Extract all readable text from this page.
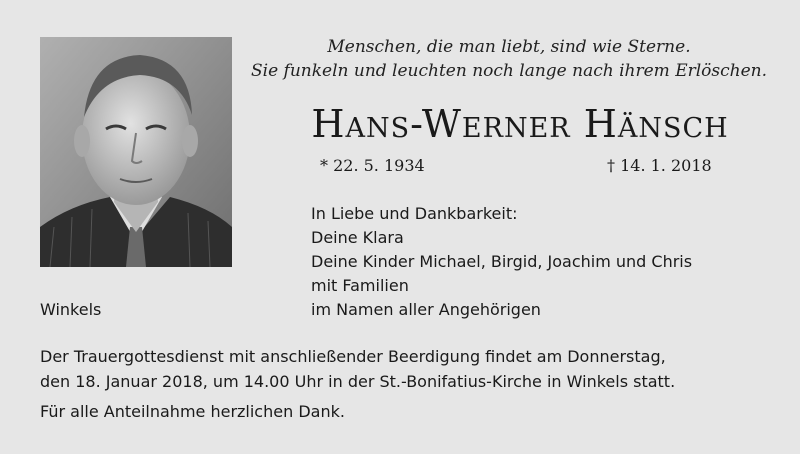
Menschen, die man liebt, sind wie Sterne.
Sie funkeln und leuchten noch lange nach ihrem Erlöschen.
Hans-Werner Hänsch
* 22. 5. 1934	† 14. 1. 2018
In Liebe und Dankbarkeit:
Deine Klara
Deine Kinder Michael, Birgid, Joachim und Chris
mit Familien
im Namen aller Angehörigen
Winkels
Der Trauergottesdienst mit anschließender Beerdigung findet am Donnerstag,
den 18. Januar 2018, um 14.00 Uhr in der St.-Bonifatius-Kirche in Winkels statt.
Für alle Anteilnahme herzlichen Dank.
